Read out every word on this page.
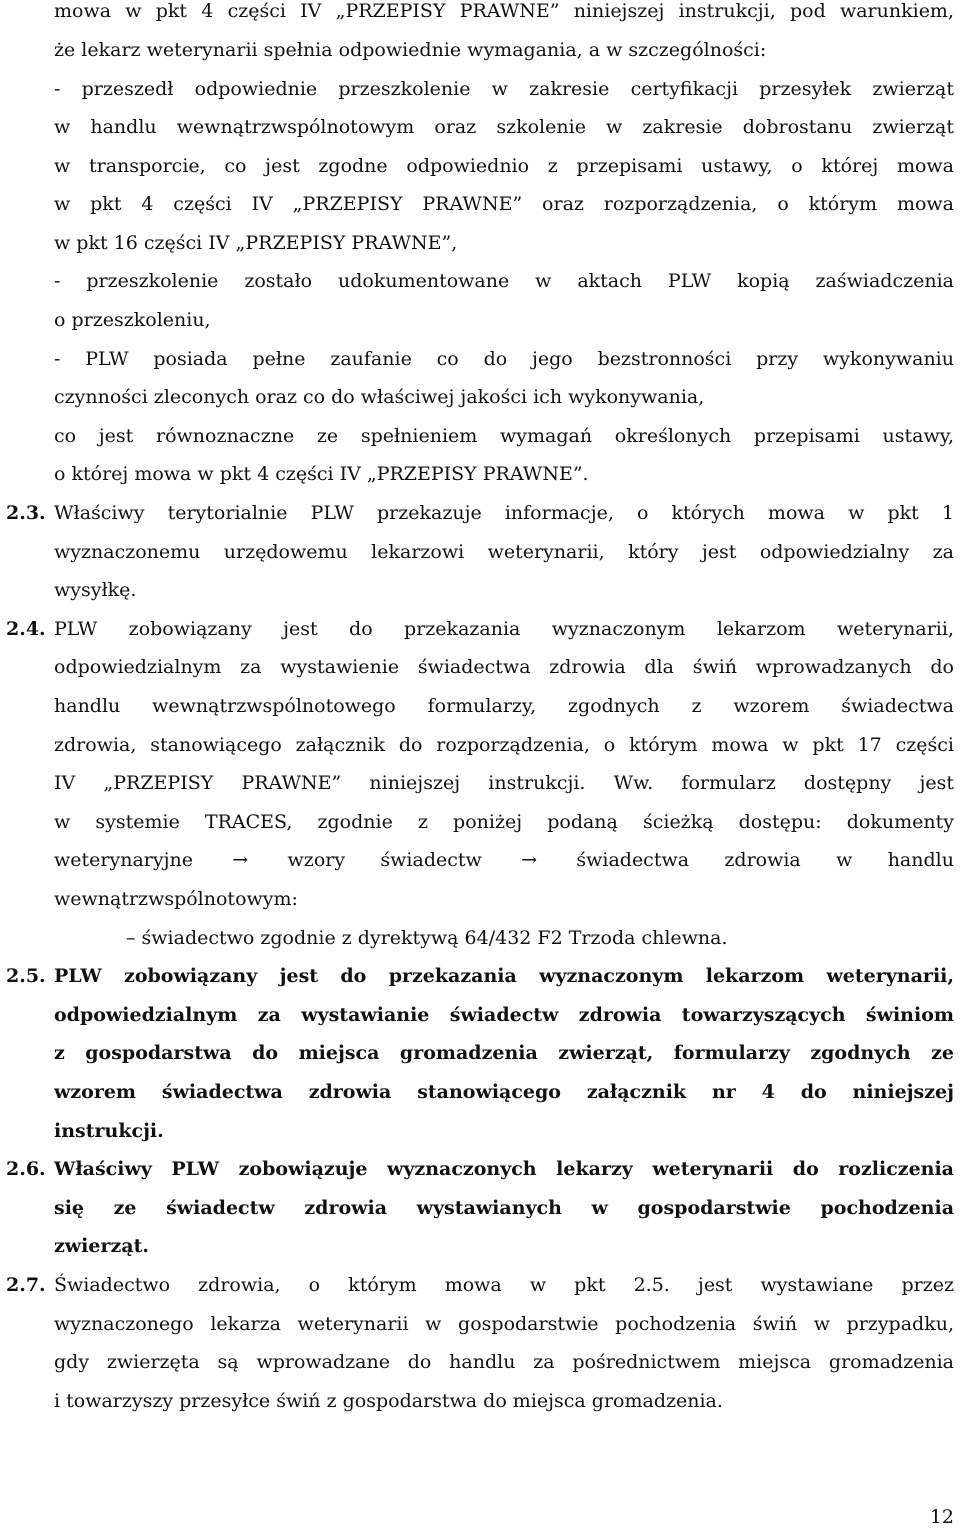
mowa w pkt 4 części IV „PRZEPISY PRAWNE” niniejszej instrukcji, pod warunkiem,
że lekarz weterynarii spełnia odpowiednie wymagania, a w szczególności:
- przeszedł odpowiednie przeszkolenie w zakresie certyfikacji przesyłek zwierząt
w handlu wewnątrzwspólnotowym oraz szkolenie w zakresie dobrostanu zwierząt
w transporcie, co jest zgodne odpowiednio z przepisami ustawy, o której mowa
w pkt 4 części IV „PRZEPISY PRAWNE” oraz rozporządzenia, o którym mowa
w pkt 16 części IV „PRZEPISY PRAWNE”,
- przeszkolenie zostało udokumentowane w aktach PLW kopią zaświadczenia
o przeszkoleniu,
- PLW posiada pełne zaufanie co do jego bezstronności przy wykonywaniu
czynności zleconych oraz co do właściwej jakości ich wykonywania,
co jest równoznaczne ze spełnieniem wymagań określonych przepisami ustawy,
o której mowa w pkt 4 części IV „PRZEPISY PRAWNE”.
2.3. Właściwy terytorialnie PLW przekazuje informacje, o których mowa w pkt 1
wyznaczonemu urzędowemu lekarzowi weterynarii, który jest odpowiedzialny za
wysyłkę.
2.4. PLW zobowiązany jest do przekazania wyznaczonym lekarzom weterynarii,
odpowiedzialnym za wystawienie świadectwa zdrowia dla świń wprowadzanych do
handlu wewnątrzwspólnotowego formularzy, zgodnych z wzorem świadectwa
zdrowia, stanowiącego załącznik do rozporządzenia, o którym mowa w pkt 17 części
IV „PRZEPISY PRAWNE” niniejszej instrukcji. Ww. formularz dostępny jest
w systemie TRACES, zgodnie z poniżej podaną ścieżką dostępu: dokumenty
weterynaryjne → wzory świadectw → świadectwa zdrowia w handlu
wewnątrzwspólnotowym:
– świadectwo zgodnie z dyrektywą 64/432 F2 Trzoda chlewna.
2.5. PLW zobowiązany jest do przekazania wyznaczonym lekarzom weterynarii,
odpowiedzialnym za wystawianie świadectw zdrowia towarzyszących świniom
z gospodarstwa do miejsca gromadzenia zwierząt, formularzy zgodnych ze
wzorem świadectwa zdrowia stanowiącego załącznik nr 4 do niniejszej
instrukcji.
2.6. Właściwy PLW zobowiązuje wyznaczonych lekarzy weterynarii do rozliczenia
się ze świadectw zdrowia wystawianych w gospodarstwie pochodzenia
zwierząt.
2.7. Świadectwo zdrowia, o którym mowa w pkt 2.5. jest wystawiane przez
wyznaczonego lekarza weterynarii w gospodarstwie pochodzenia świń w przypadku,
gdy zwierzęta są wprowadzane do handlu za pośrednictwem miejsca gromadzenia
i towarzyszy przesyłce świń z gospodarstwa do miejsca gromadzenia.
12
